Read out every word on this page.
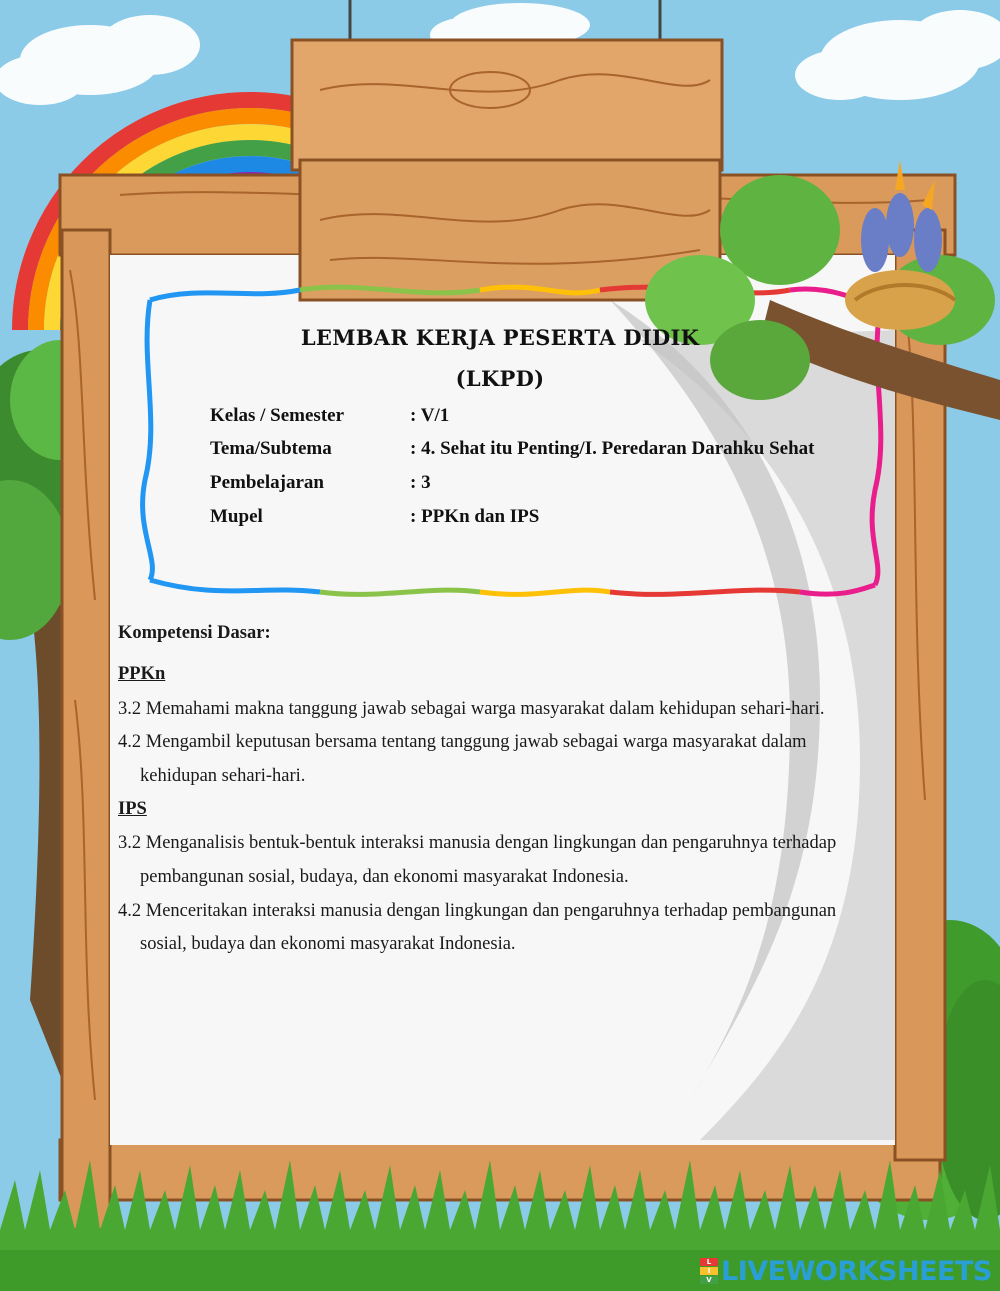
LEMBAR KERJA PESERTA DIDIK
(LKPD)
Kelas / Semester	: V/1
Tema/Subtema	: 4. Sehat itu Penting/I. Peredaran Darahku Sehat
Pembelajaran	: 3
Mupel	: PPKn dan IPS
Kompetensi Dasar:
PPKn
3.2 Memahami makna tanggung jawab sebagai warga masyarakat dalam kehidupan sehari-hari.
4.2 Mengambil keputusan bersama tentang tanggung jawab sebagai warga masyarakat dalam
kehidupan sehari-hari.
IPS
3.2 Menganalisis bentuk-bentuk interaksi manusia dengan lingkungan dan pengaruhnya terhadap
pembangunan sosial, budaya, dan ekonomi masyarakat Indonesia.
4.2 Menceritakan interaksi manusia dengan lingkungan dan pengaruhnya terhadap pembangunan
sosial, budaya dan ekonomi masyarakat Indonesia.
L
I
V LIVEWORKSHEETS
